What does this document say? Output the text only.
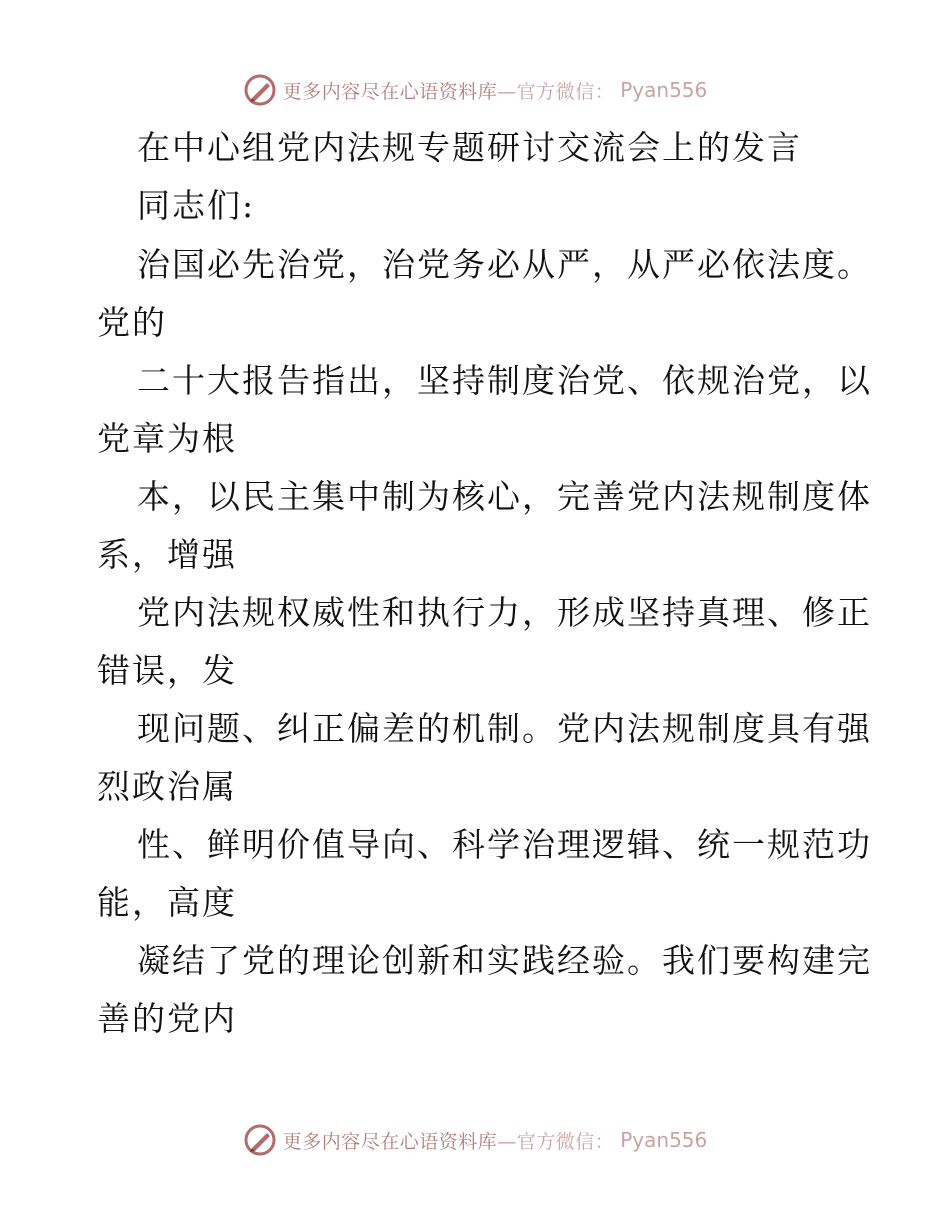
更多内容尽在心语资料库—官方微信： Pyan556
在中心组党内法规专题研讨交流会上的发言
同志们:
治国必先治党，治党务必从严，从严必依法度。
党的
二十大报告指出，坚持制度治党、依规治党，以
党章为根
本，以民主集中制为核心，完善党内法规制度体
系，增强
党内法规权威性和执行力，形成坚持真理、修正
错误，发
现问题、纠正偏差的机制。党内法规制度具有强
烈政治属
性、鲜明价值导向、科学治理逻辑、统一规范功
能，高度
凝结了党的理论创新和实践经验。我们要构建完
善的党内
更多内容尽在心语资料库—官方微信： Pyan556
